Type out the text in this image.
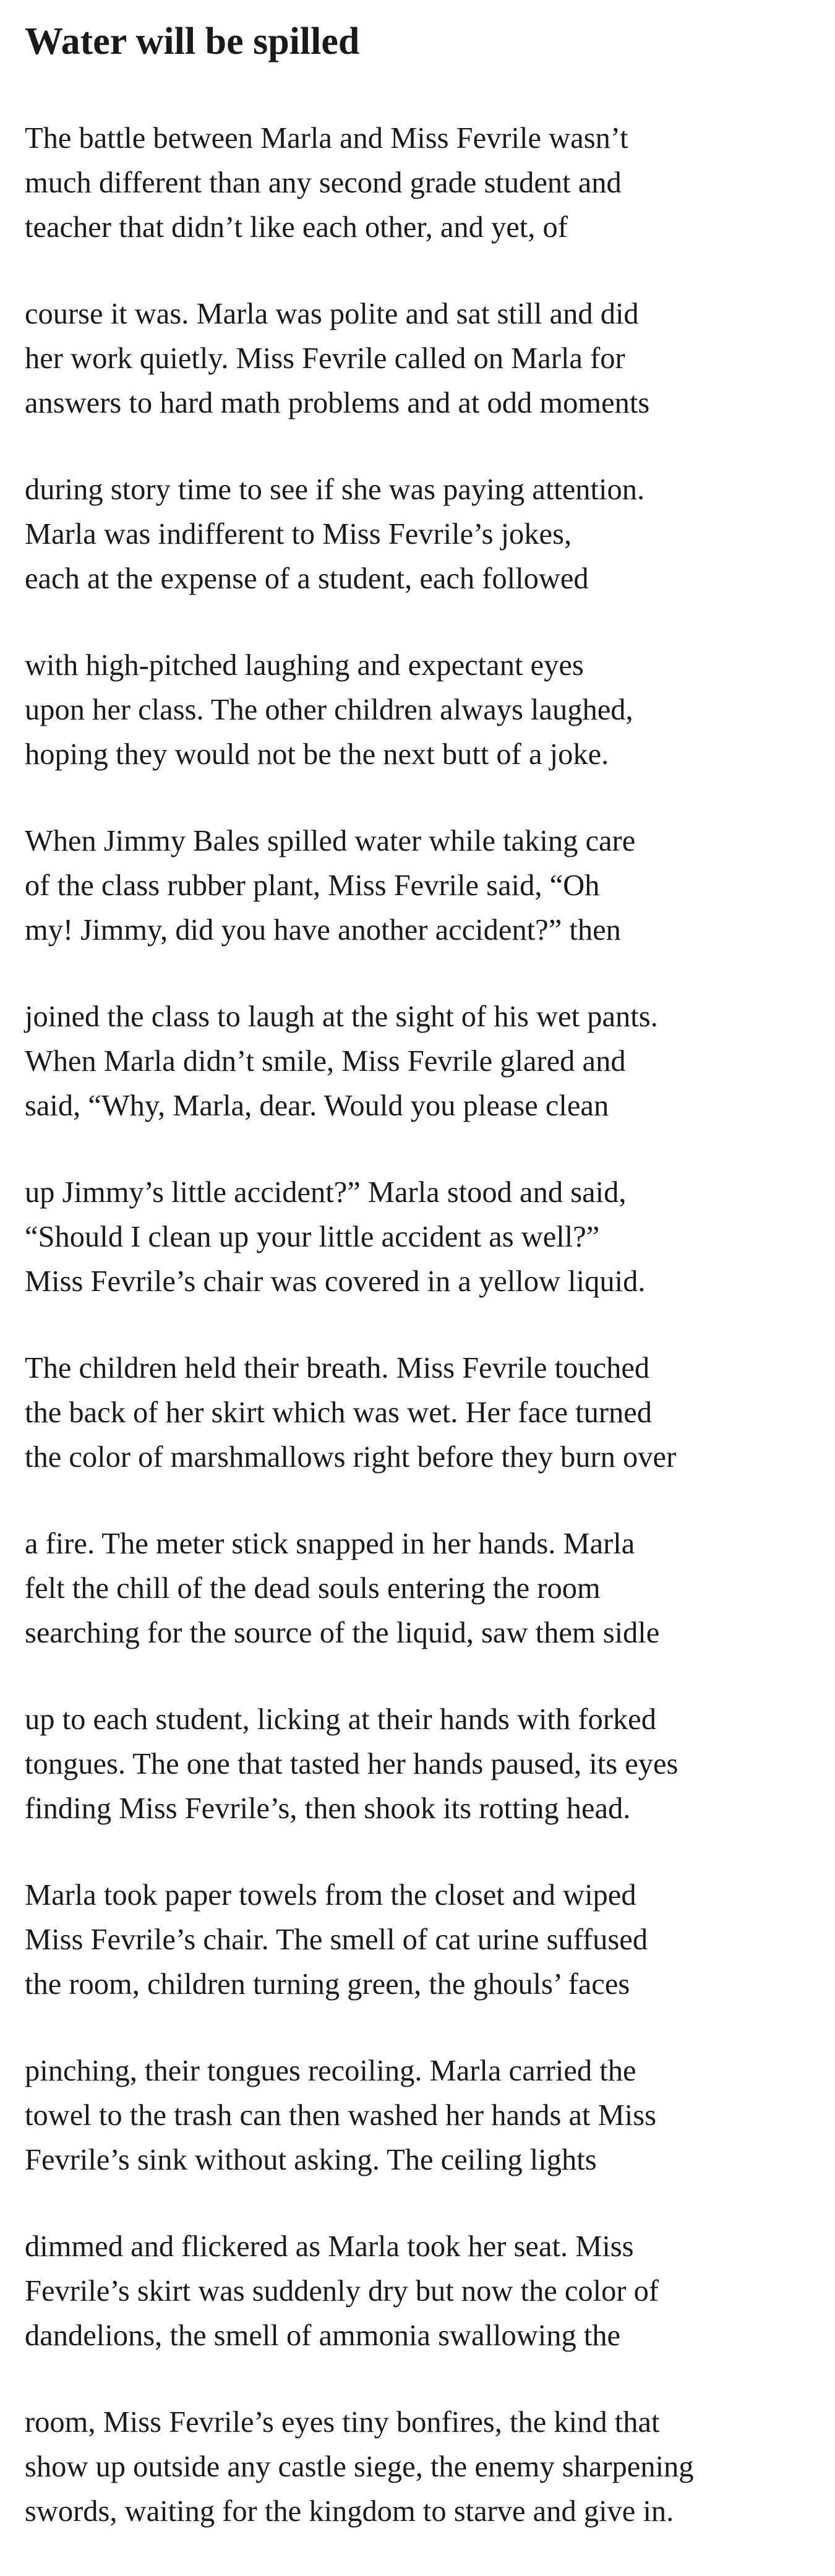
Water will be spilled
The battle between Marla and Miss Fevrile wasn’t
much different than any second grade student and
teacher that didn’t like each other, and yet, of
course it was. Marla was polite and sat still and did
her work quietly. Miss Fevrile called on Marla for
answers to hard math problems and at odd moments
during story time to see if she was paying attention.
Marla was indifferent to Miss Fevrile’s jokes,
each at the expense of a student, each followed
with high-pitched laughing and expectant eyes
upon her class. The other children always laughed,
hoping they would not be the next butt of a joke.
When Jimmy Bales spilled water while taking care
of the class rubber plant, Miss Fevrile said, “Oh
my! Jimmy, did you have another accident?” then
joined the class to laugh at the sight of his wet pants.
When Marla didn’t smile, Miss Fevrile glared and
said, “Why, Marla, dear. Would you please clean
up Jimmy’s little accident?” Marla stood and said,
“Should I clean up your little accident as well?”
Miss Fevrile’s chair was covered in a yellow liquid.
The children held their breath. Miss Fevrile touched
the back of her skirt which was wet. Her face turned
the color of marshmallows right before they burn over
a fire. The meter stick snapped in her hands. Marla
felt the chill of the dead souls entering the room
searching for the source of the liquid, saw them sidle
up to each student, licking at their hands with forked
tongues. The one that tasted her hands paused, its eyes
finding Miss Fevrile’s, then shook its rotting head.
Marla took paper towels from the closet and wiped
Miss Fevrile’s chair. The smell of cat urine suffused
the room, children turning green, the ghouls’ faces
pinching, their tongues recoiling. Marla carried the
towel to the trash can then washed her hands at Miss
Fevrile’s sink without asking. The ceiling lights
dimmed and flickered as Marla took her seat. Miss
Fevrile’s skirt was suddenly dry but now the color of
dandelions, the smell of ammonia swallowing the
room, Miss Fevrile’s eyes tiny bonfires, the kind that
show up outside any castle siege, the enemy sharpening
swords, waiting for the kingdom to starve and give in.
